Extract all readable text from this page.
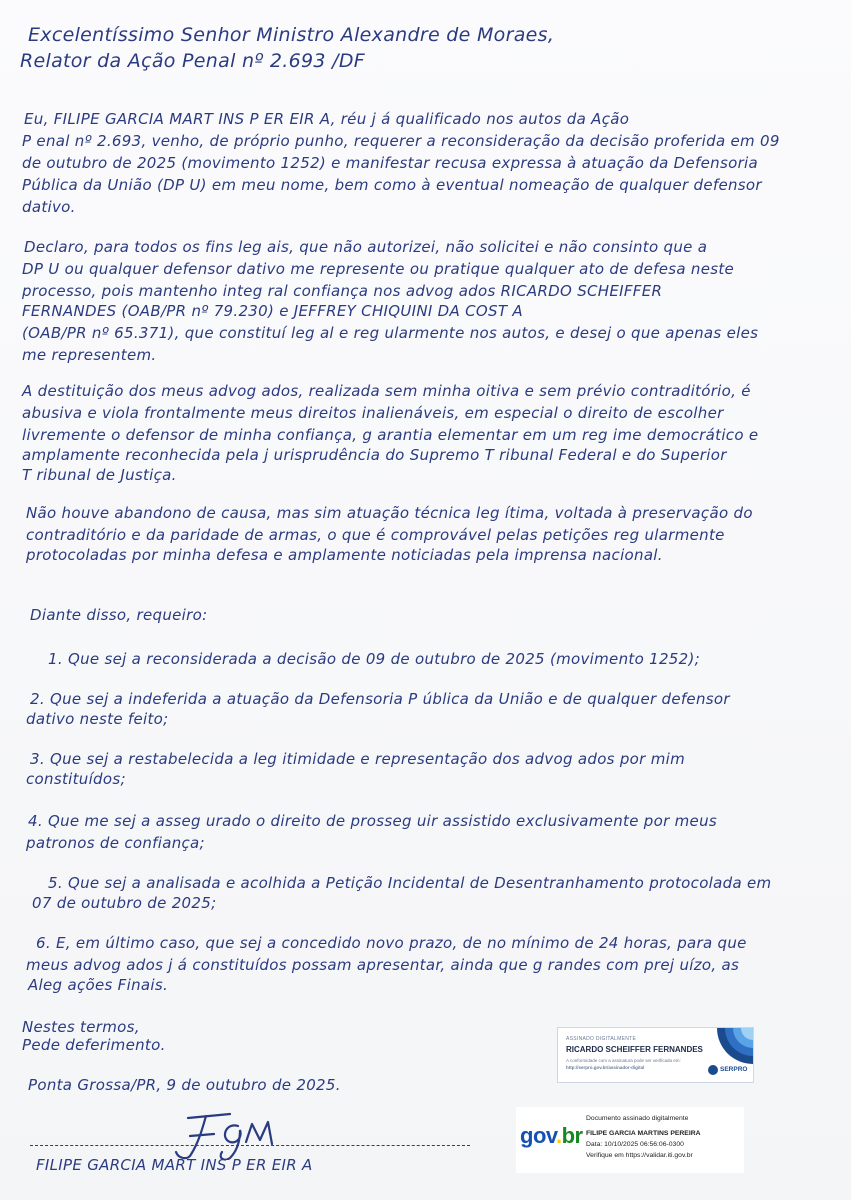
Excelentíssimo Senhor Ministro Alexandre de Moraes,
Relator da Ação Penal nº 2.693 /DF
Eu, FILIPE GARCIA MART INS P ER EIR A, réu j á qualificado nos autos da Ação
P enal nº 2.693, venho, de próprio punho, requerer a reconsideração da decisão proferida em 09
de outubro de 2025 (movimento 1252) e manifestar recusa expressa à atuação da Defensoria
Pública da União (DP U) em meu nome, bem como à eventual nomeação de qualquer defensor
dativo.
Declaro, para todos os fins leg ais, que não autorizei, não solicitei e não consinto que a
DP U ou qualquer defensor dativo me represente ou pratique qualquer ato de defesa neste
processo, pois mantenho integ ral confiança nos advog ados RICARDO SCHEIFFER
FERNANDES (OAB/PR nº 79.230) e JEFFREY CHIQUINI DA COST A
(OAB/PR nº 65.371), que constituí leg al e reg ularmente nos autos, e desej o que apenas eles
me representem.
A destituição dos meus advog ados, realizada sem minha oitiva e sem prévio contraditório, é
abusiva e viola frontalmente meus direitos inalienáveis, em especial o direito de escolher
livremente o defensor de minha confiança, g arantia elementar em um reg ime democrático e
amplamente reconhecida pela j urisprudência do Supremo T ribunal Federal e do Superior
T ribunal de Justiça.
Não houve abandono de causa, mas sim atuação técnica leg ítima, voltada à preservação do
contraditório e da paridade de armas, o que é comprovável pelas petições reg ularmente
protocoladas por minha defesa e amplamente noticiadas pela imprensa nacional.
Diante disso, requeiro:
1. Que sej a reconsiderada a decisão de 09 de outubro de 2025 (movimento 1252);
2. Que sej a indeferida a atuação da Defensoria P ública da União e de qualquer defensor
dativo neste feito;
3. Que sej a restabelecida a leg itimidade e representação dos advog ados por mim
constituídos;
4. Que me sej a asseg urado o direito de prosseg uir assistido exclusivamente por meus
patronos de confiança;
5. Que sej a analisada e acolhida a Petição Incidental de Desentranhamento protocolada em
07 de outubro de 2025;
6. E, em último caso, que sej a concedido novo prazo, de no mínimo de 24 horas, para que
meus advog ados j á constituídos possam apresentar, ainda que g randes com prej uízo, as
Aleg ações Finais.
Nestes termos,
Pede deferimento.
Ponta Grossa/PR, 9 de outubro de 2025.
FILIPE GARCIA MART INS P ER EIR A
ASSINADO DIGITALMENTE
RICARDO SCHEIFFER FERNANDES
A conformidade com a assinatura pode ser verificada em:
http://serpro.gov.br/assinador-digital	SERPRO
gov.br
Documento assinado digitalmente
FILIPE GARCIA MARTINS PEREIRA
Data: 10/10/2025 06:56:06-0300
Verifique em https://validar.iti.gov.br
